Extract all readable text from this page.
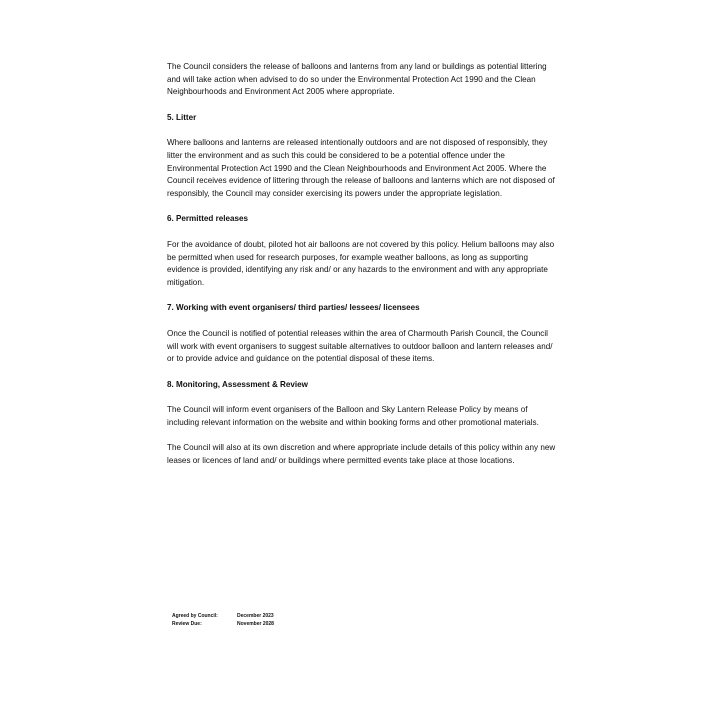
The Council considers the release of balloons and lanterns from any land or buildings as potential littering and will take action when advised to do so under the Environmental Protection Act 1990 and the Clean Neighbourhoods and Environment Act 2005 where appropriate.

5. Litter

Where balloons and lanterns are released intentionally outdoors and are not disposed of responsibly, they litter the environment and as such this could be considered to be a potential offence under the Environmental Protection Act 1990 and the Clean Neighbourhoods and Environment Act 2005. Where the Council receives evidence of littering through the release of balloons and lanterns which are not disposed of responsibly, the Council may consider exercising its powers under the appropriate legislation.

6. Permitted releases

For the avoidance of doubt, piloted hot air balloons are not covered by this policy. Helium balloons may also be permitted when used for research purposes, for example weather balloons, as long as supporting evidence is provided, identifying any risk and/ or any hazards to the environment and with any appropriate mitigation.

7. Working with event organisers/ third parties/ lessees/ licensees

Once the Council is notified of potential releases within the area of Charmouth Parish Council, the Council will work with event organisers to suggest suitable alternatives to outdoor balloon and lantern releases and/ or to provide advice and guidance on the potential disposal of these items.

8. Monitoring, Assessment & Review

The Council will inform event organisers of the Balloon and Sky Lantern Release Policy by means of including relevant information on the website and within booking forms and other promotional materials.

The Council will also at its own discretion and where appropriate include details of this policy within any new leases or licences of land and/ or buildings where permitted events take place at those locations.

Agreed by Council:	December 2023
Review Due:	November 2028
